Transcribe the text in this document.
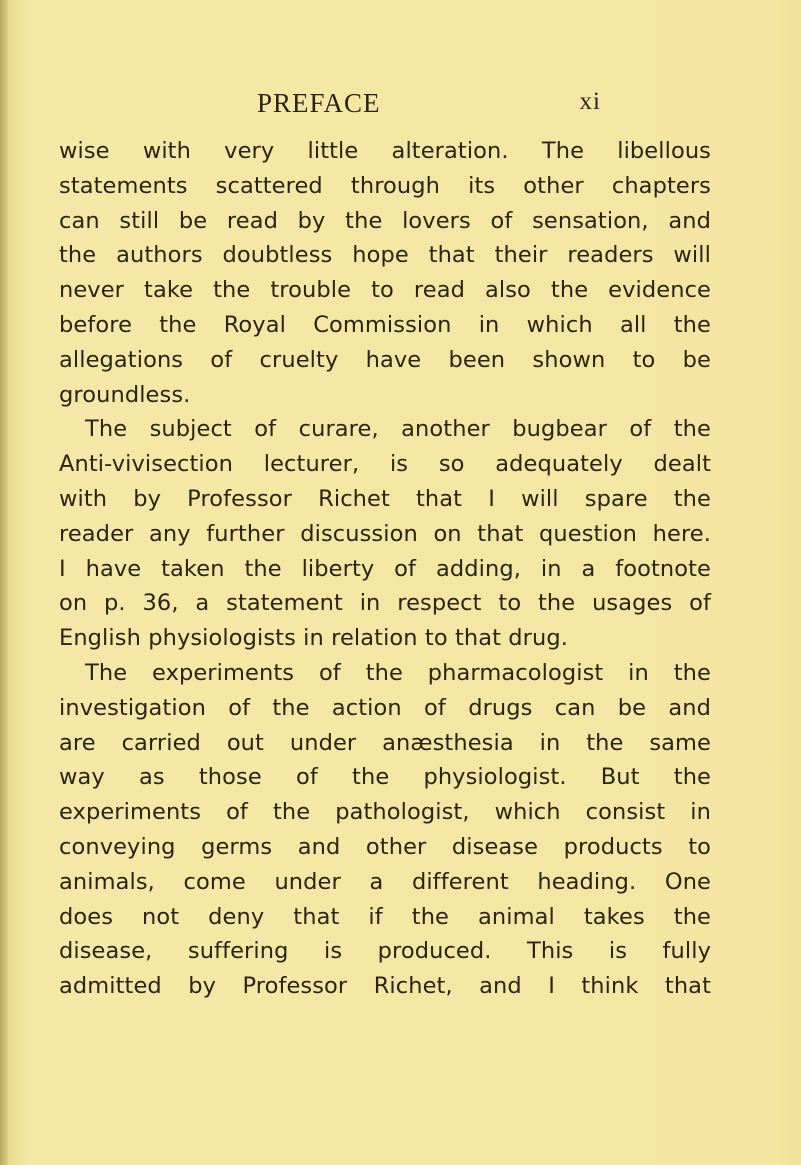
PREFACE	xi
wise with very little alteration. The libellous
statements scattered through its other chapters
can still be read by the lovers of sensation, and
the authors doubtless hope that their readers will
never take the trouble to read also the evidence
before the Royal Commission in which all the
allegations of cruelty have been shown to be
groundless.
The subject of curare, another bugbear of the
Anti-vivisection lecturer, is so adequately dealt
with by Professor Richet that I will spare the
reader any further discussion on that question here.
I have taken the liberty of adding, in a footnote
on p. 36, a statement in respect to the usages of
English physiologists in relation to that drug.
The experiments of the pharmacologist in the
investigation of the action of drugs can be and
are carried out under anæsthesia in the same
way as those of the physiologist. But the
experiments of the pathologist, which consist in
conveying germs and other disease products to
animals, come under a different heading. One
does not deny that if the animal takes the
disease, suffering is produced. This is fully
admitted by Professor Richet, and I think that
